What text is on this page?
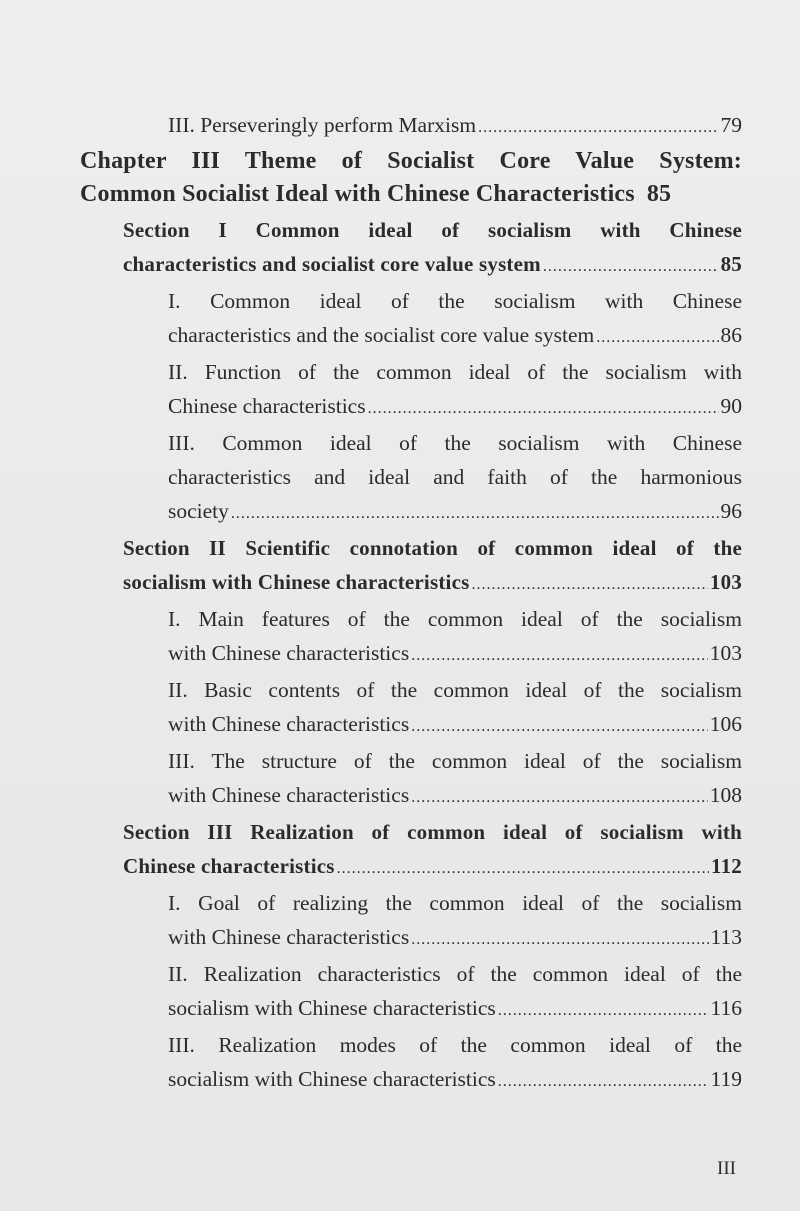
III. Perseveringly perform Marxism .....	79
Chapter III Theme of Socialist Core Value System:
Common Socialist Ideal with Chinese Characteristics 85
Section I Common ideal of socialism with Chinese
characteristics and socialist core value system .....	85
I. Common ideal of the socialism with Chinese
characteristics and the socialist core value system .....	86
II. Function of the common ideal of the socialism with
Chinese characteristics .....	90
III. Common ideal of the socialism with Chinese
characteristics and ideal and faith of the harmonious
society .....	96
Section II Scientific connotation of common ideal of the
socialism with Chinese characteristics .....	103
I. Main features of the common ideal of the socialism
with Chinese characteristics .....	103
II. Basic contents of the common ideal of the socialism
with Chinese characteristics .....	106
III. The structure of the common ideal of the socialism
with Chinese characteristics .....	108
Section III Realization of common ideal of socialism with
Chinese characteristics .....	112
I. Goal of realizing the common ideal of the socialism
with Chinese characteristics .....	113
II. Realization characteristics of the common ideal of the
socialism with Chinese characteristics .....	116
III. Realization modes of the common ideal of the
socialism with Chinese characteristics .....	119
III
